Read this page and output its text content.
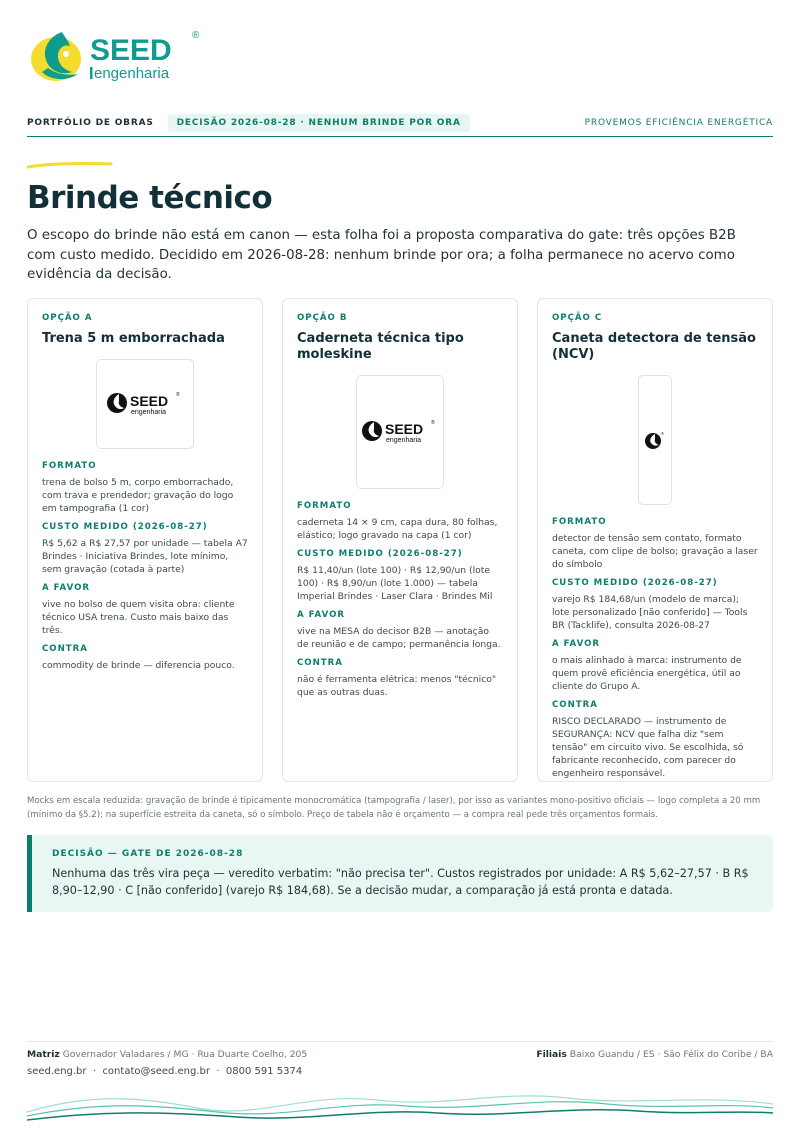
SEED ®
engenharia
PORTFÓLIO DE OBRAS	DECISÃO 2026-08-28 · NENHUM BRINDE POR ORA	PROVEMOS EFICIÊNCIA ENERGÉTICA
Brinde técnico

O escopo do brinde não está em canon — esta folha foi a proposta comparativa do gate: três opções B2B com custo medido. Decidido em 2026-08-28: nenhum brinde por ora; a folha permanece no acervo como evidência da decisão.

OPÇÃO A
Trena 5 m emborrachada
SEED ®
engenharia
FORMATO
trena de bolso 5 m, corpo emborrachado, com trava e prendedor; gravação do logo em tampografia (1 cor)
CUSTO MEDIDO (2026-08-27)
R$ 5,62 a R$ 27,57 por unidade — tabela A7 Brindes · Iniciativa Brindes, lote mínimo, sem gravação (cotada à parte)
A FAVOR
vive no bolso de quem visita obra: cliente técnico USA trena. Custo mais baixo das três.
CONTRA
commodity de brinde — diferencia pouco.
OPÇÃO B
Caderneta técnica tipo moleskine
SEED ®
engenharia
FORMATO
caderneta 14 × 9 cm, capa dura, 80 folhas, elástico; logo gravado na capa (1 cor)
CUSTO MEDIDO (2026-08-27)
R$ 11,40/un (lote 100) · R$ 12,90/un (lote 100) · R$ 8,90/un (lote 1.000) — tabela Imperial Brindes · Laser Clara · Brindes Mil
A FAVOR
vive na MESA do decisor B2B — anotação de reunião e de campo; permanência longa.
CONTRA
não é ferramenta elétrica: menos "técnico" que as outras duas.
OPÇÃO C
Caneta detectora de tensão (NCV)
®
FORMATO
detector de tensão sem contato, formato caneta, com clipe de bolso; gravação a laser do símbolo
CUSTO MEDIDO (2026-08-27)
varejo R$ 184,68/un (modelo de marca); lote personalizado [não conferido] — Tools BR (Tacklife), consulta 2026-08-27
A FAVOR
o mais alinhado à marca: instrumento de quem provê eficiência energética, útil ao cliente do Grupo A.
CONTRA
RISCO DECLARADO — instrumento de SEGURANÇA: NCV que falha diz "sem tensão" em circuito vivo. Se escolhida, só fabricante reconhecido, com parecer do engenheiro responsável.

Mocks em escala reduzida: gravação de brinde é tipicamente monocromática (tampografia / laser), por isso as variantes mono-positivo oficiais — logo completa a 20 mm (mínimo da §5.2); na superfície estreita da caneta, só o símbolo. Preço de tabela não é orçamento — a compra real pede três orçamentos formais.

DECISÃO — GATE DE 2026-08-28
Nenhuma das três vira peça — veredito verbatim: "não precisa ter". Custos registrados por unidade: A R$ 5,62–27,57 · B R$ 8,90–12,90 · C [não conferido] (varejo R$ 184,68). Se a decisão mudar, a comparação já está pronta e datada.
Matriz Governador Valadares / MG · Rua Duarte Coelho, 205	Filiais Baixo Guandu / ES · São Félix do Coribe / BA
seed.eng.br  ·  contato@seed.eng.br  ·  0800 591 5374
